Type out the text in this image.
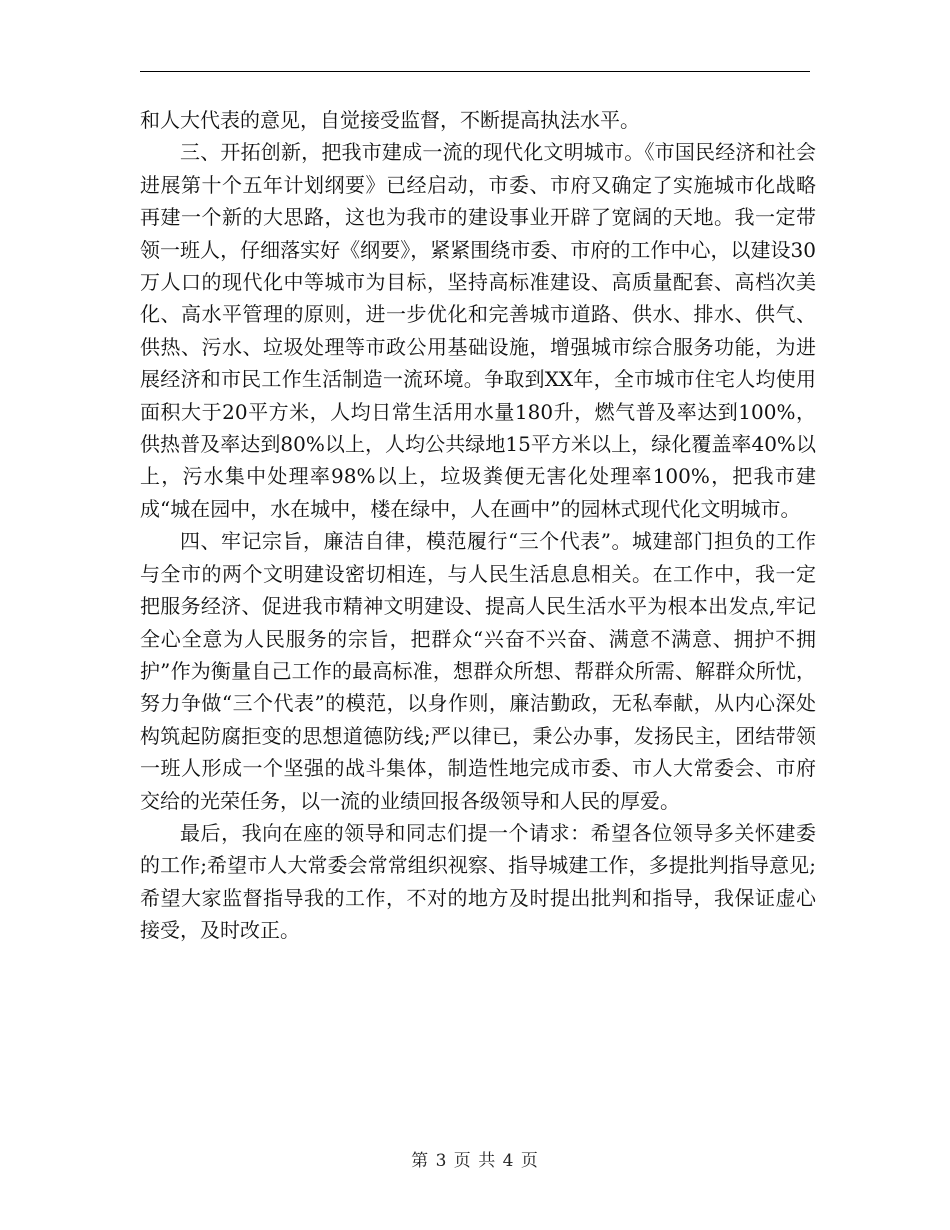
和人大代表的意见，自觉接受监督，不断提高执法水平。

三、开拓创新，把我市建成一流的现代化文明城市。《市国民经济和社会进展第十个五年计划纲要》已经启动，市委、市府又确定了实施城市化战略再建一个新的大思路，这也为我市的建设事业开辟了宽阔的天地。我一定带领一班人，仔细落实好《纲要》，紧紧围绕市委、市府的工作中心，以建设30万人口的现代化中等城市为目标，坚持高标准建设、高质量配套、高档次美化、高水平管理的原则，进一步优化和完善城市道路、供水、排水、供气、供热、污水、垃圾处理等市政公用基础设施，增强城市综合服务功能，为进展经济和市民工作生活制造一流环境。争取到XX年，全市城市住宅人均使用面积大于20平方米，人均日常生活用水量180升，燃气普及率达到100%，供热普及率达到80%以上，人均公共绿地15平方米以上，绿化覆盖率40%以上，污水集中处理率98%以上，垃圾粪便无害化处理率100%，把我市建成“城在园中，水在城中，楼在绿中，人在画中”的园林式现代化文明城市。

四、牢记宗旨，廉洁自律，模范履行“三个代表”。城建部门担负的工作与全市的两个文明建设密切相连，与人民生活息息相关。在工作中，我一定把服务经济、促进我市精神文明建设、提高人民生活水平为根本出发点,牢记全心全意为人民服务的宗旨，把群众“兴奋不兴奋、满意不满意、拥护不拥护”作为衡量自己工作的最高标准，想群众所想、帮群众所需、解群众所忧，努力争做“三个代表”的模范，以身作则，廉洁勤政，无私奉献，从内心深处构筑起防腐拒变的思想道德防线;严以律已，秉公办事，发扬民主，团结带领一班人形成一个坚强的战斗集体，制造性地完成市委、市人大常委会、市府交给的光荣任务，以一流的业绩回报各级领导和人民的厚爱。

最后，我向在座的领导和同志们提一个请求：希望各位领导多关怀建委的工作;希望市人大常委会常常组织视察、指导城建工作，多提批判指导意见;希望大家监督指导我的工作，不对的地方及时提出批判和指导，我保证虚心接受，及时改正。

第 3 页 共 4 页
